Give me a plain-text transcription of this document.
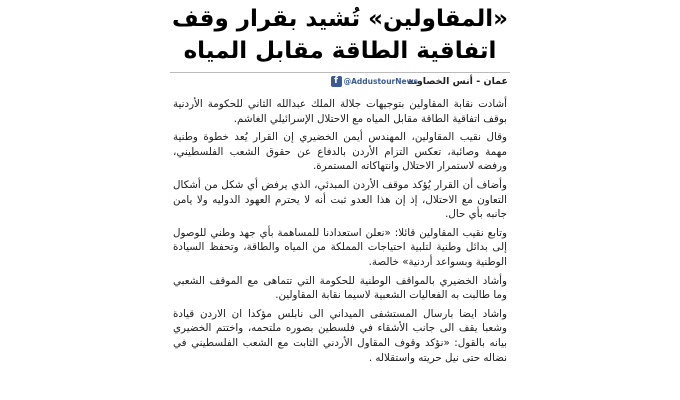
«المقاولين» تُشيد بقرار وقف
اتفاقية الطاقة مقابل المياه
عمان - أنس الخصاونة
f @AddustourNews

أشادت نقابة المقاولين بتوجيهات جلالة الملك عبدالله الثاني للحكومة الأردنية بوقف اتفاقية الطاقة مقابل المياه مع الاحتلال الإسرائيلي الغاشم.

وقال نقيب المقاولين، المهندس أيمن الخضيري إن القرار يُعد خطوة وطنية مهمة وصائبة، تعكس التزام الأردن بالدفاع عن حقوق الشعب الفلسطيني، ورفضه لاستمرار الاحتلال وانتهاكاته المستمرة.

وأضاف أن القرار يُؤكد موقف الأردن المبدئي، الذي يرفض أي شكل من أشكال التعاون مع الاحتلال، إذ إن هذا العدو ثبت أنه لا يحترم العهود الدوليه ولا يامن جانبه بأي حال.

وتابع نقيب المقاولين قائلا: «نعلن استعدادنا للمساهمة بأي جهد وطني للوصول إلى بدائل وطنية لتلبية احتياجات المملكة من المياه والطاقة، وتحفظ السيادة الوطنية وبسواعد أردنية» خالصة.

وأشاد الخضيري بالمواقف الوطنية للحكومة التي تتماهى مع الموقف الشعبي وما طالبت به الفعاليات الشعبية لاسيما نقابة المقاولين.

واشاد ايضا بارسال المستشفى الميداني الى نابلس مؤكدا ان الاردن قيادة وشعبا يقف الى جانب الأشقاء في فلسطين بصوره ملتحمه، واختتم الخضيري بيانه بالقول: «نؤكد وقوف المقاول الأردني الثابت مع الشعب الفلسطيني في نضاله حتى نيل حريته واستقلاله .
